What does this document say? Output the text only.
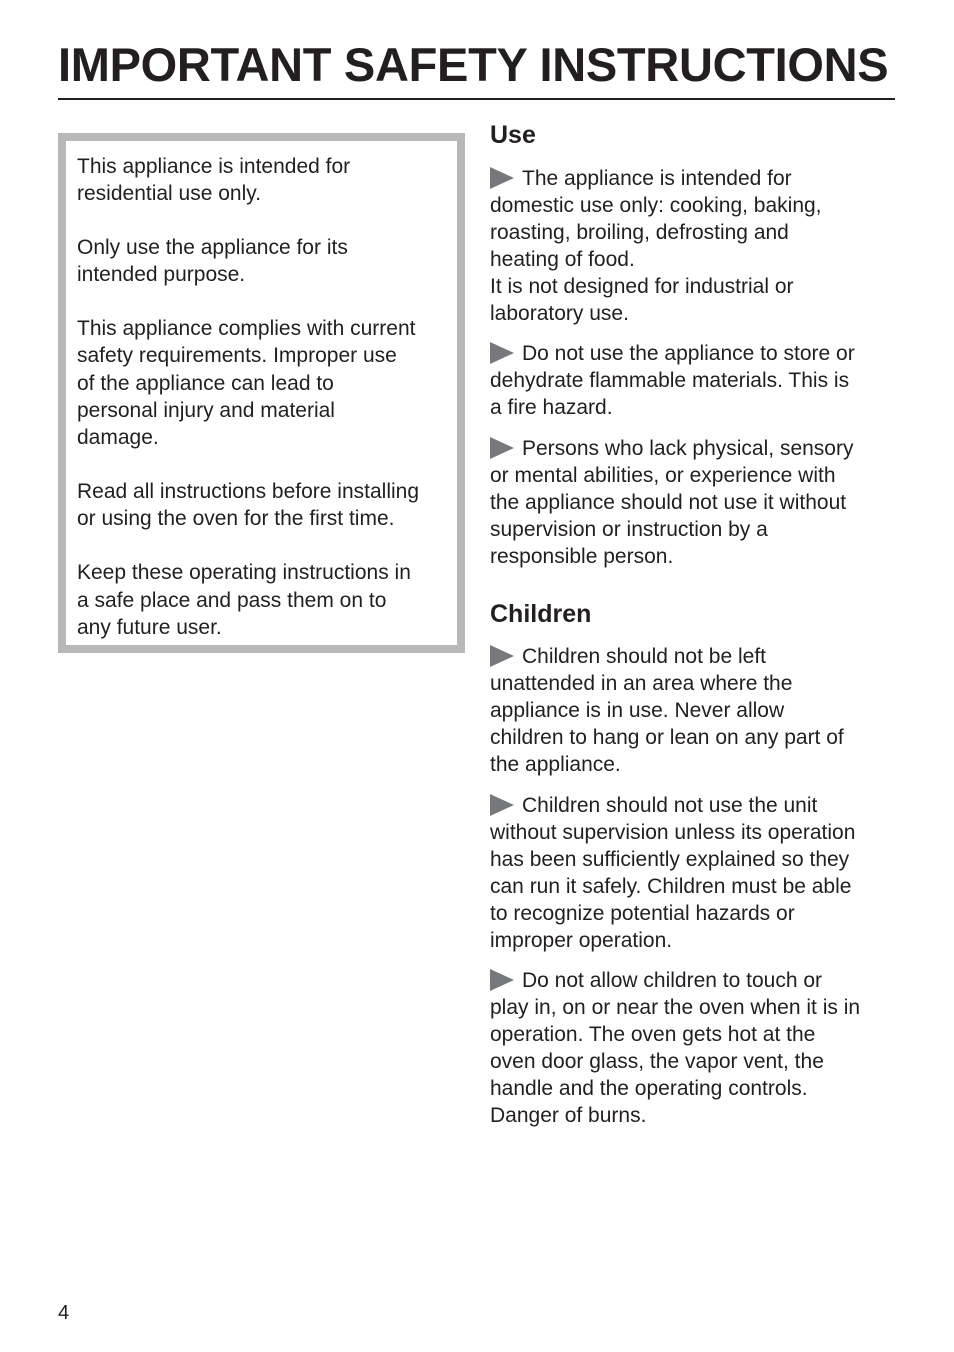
IMPORTANT SAFETY INSTRUCTIONS

This appliance is intended for
residential use only.

Only use the appliance for its
intended purpose.

This appliance complies with current
safety requirements. Improper use
of the appliance can lead to
personal injury and material
damage.

Read all instructions before installing
or using the oven for the first time.

Keep these operating instructions in
a safe place and pass them on to
any future user.

Use

The appliance is intended for
domestic use only: cooking, baking,
roasting, broiling, defrosting and
heating of food.
It is not designed for industrial or
laboratory use.

Do not use the appliance to store or
dehydrate flammable materials. This is
a fire hazard.

Persons who lack physical, sensory
or mental abilities, or experience with
the appliance should not use it without
supervision or instruction by a
responsible person.

Children

Children should not be left
unattended in an area where the
appliance is in use. Never allow
children to hang or lean on any part of
the appliance.

Children should not use the unit
without supervision unless its operation
has been sufficiently explained so they
can run it safely. Children must be able
to recognize potential hazards or
improper operation.

Do not allow children to touch or
play in, on or near the oven when it is in
operation. The oven gets hot at the
oven door glass, the vapor vent, the
handle and the operating controls.
Danger of burns.

4
